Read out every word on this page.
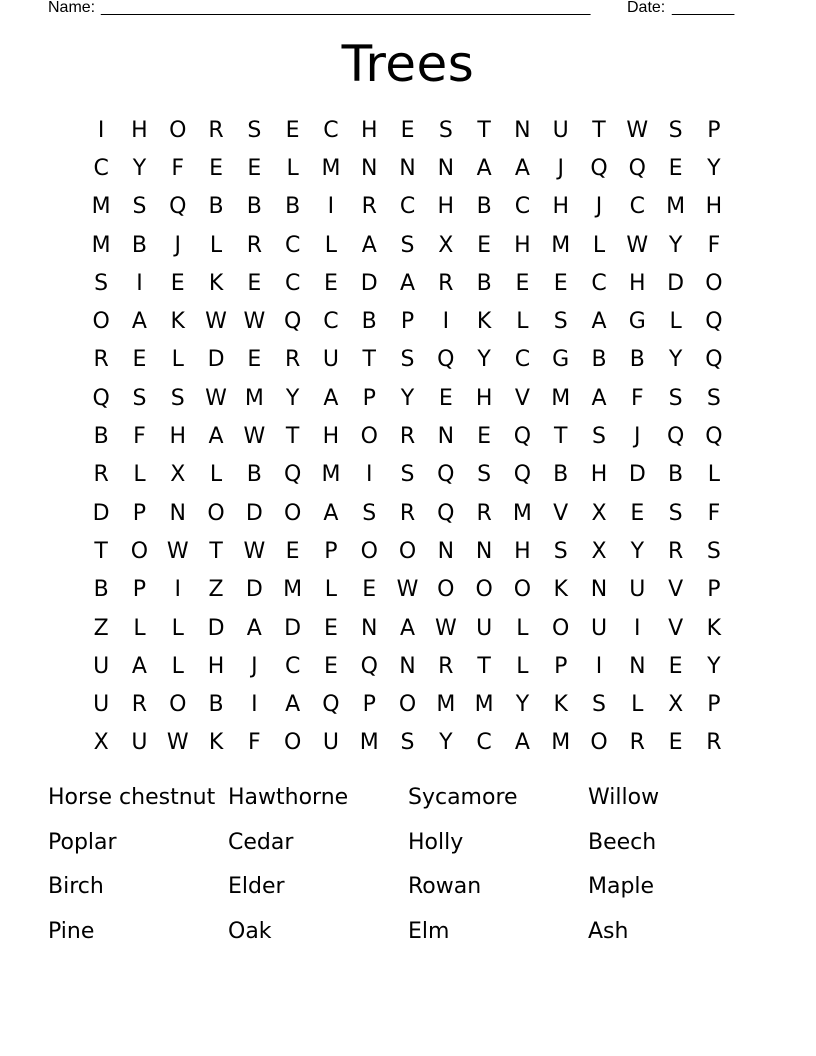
Name: _______________________________________________________ Date: _______
Trees
I	H O R	S	E	C	H	E	S	T	N	U	T W S	P
C	Y	F	E	E	L	M N N N	A	A	J	Q Q	E	Y
M S	Q	B	B	B	I	R	C	H	B	C	H	J	C M H
M B	J	L	R	C	L	A	S	X	E	H M	L W Y	F
S	I	E	K	E	C	E	D	A	R	B	E	E	C	H D O
O	A	K W W Q C	B	P	I	K	L	S	A	G	L	Q
R	E	L	D	E	R	U	T	S	Q	Y	C	G	B	B	Y	Q
Q	S	S W M	Y	A	P	Y	E	H	V M A	F	S	S
B	F	H	A W T	H O R	N	E	Q	T	S	J	Q Q
R	L	X	L	B	Q M	I	S	Q	S	Q	B	H D	B	L
D	P	N O D O	A	S	R Q R M V	X	E	S	F
T	O W T W E	P	O O N N H	S	X	Y	R	S
B	P	I	Z	D M	L	E W O O O	K	N	U	V	P
Z	L	L	D	A	D	E	N	A W U	L	O U	I	V	K
U	A	L	H	J	C	E	Q N	R	T	L	P	I	N	E	Y
U	R O	B	I	A	Q	P	O M M	Y	K	S	L	X	P
X	U W K	F	O U M S	Y	C	A M O R	E	R
Horse chestnut Hawthorne	Sycamore	Willow
Poplar	Cedar	Holly	Beech
Birch	Elder	Rowan	Maple
Pine	Oak	Elm	Ash
